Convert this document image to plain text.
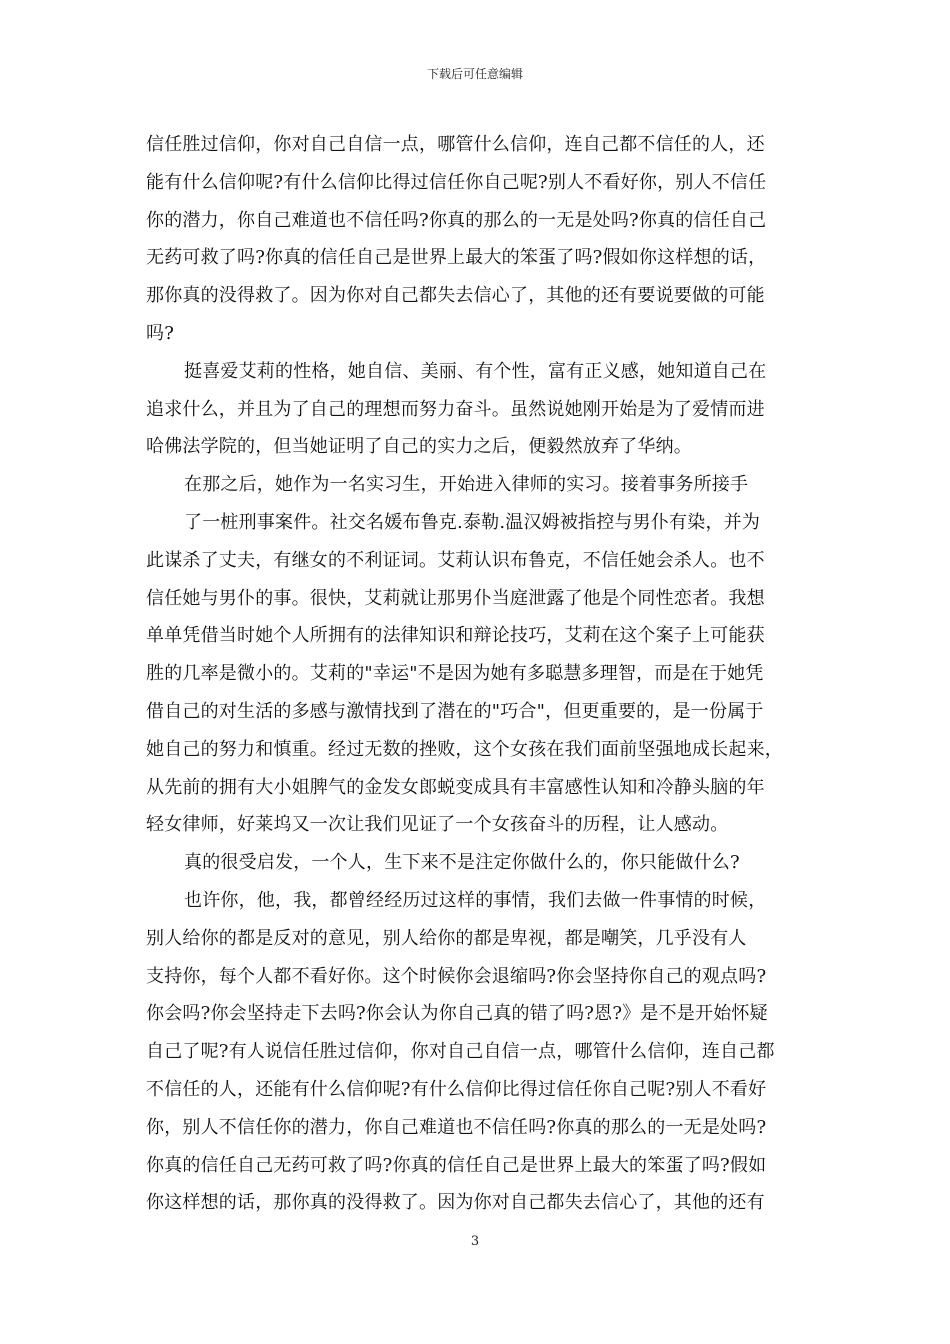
下载后可任意编辑
信任胜过信仰，你对自己自信一点，哪管什么信仰，连自己都不信任的人，还
能有什么信仰呢?有什么信仰比得过信任你自己呢?别人不看好你，别人不信任
你的潜力，你自己难道也不信任吗?你真的那么的一无是处吗?你真的信任自己
无药可救了吗?你真的信任自己是世界上最大的笨蛋了吗?假如你这样想的话，
那你真的没得救了。因为你对自己都失去信心了，其他的还有要说要做的可能
吗?
挺喜爱艾莉的性格，她自信、美丽、有个性，富有正义感，她知道自己在
追求什么，并且为了自己的理想而努力奋斗。虽然说她刚开始是为了爱情而进
哈佛法学院的，但当她证明了自己的实力之后，便毅然放弃了华纳。
在那之后，她作为一名实习生，开始进入律师的实习。接着事务所接手
了一桩刑事案件。社交名媛布鲁克.泰勒.温汉姆被指控与男仆有染，并为
此谋杀了丈夫，有继女的不利证词。艾莉认识布鲁克，不信任她会杀人。也不
信任她与男仆的事。很快，艾莉就让那男仆当庭泄露了他是个同性恋者。我想
单单凭借当时她个人所拥有的法律知识和辩论技巧，艾莉在这个案子上可能获
胜的几率是微小的。艾莉的"幸运"不是因为她有多聪慧多理智，而是在于她凭
借自己的对生活的多感与激情找到了潜在的"巧合"，但更重要的，是一份属于
她自己的努力和慎重。经过无数的挫败，这个女孩在我们面前坚强地成长起来，
从先前的拥有大小姐脾气的金发女郎蜕变成具有丰富感性认知和冷静头脑的年
轻女律师，好莱坞又一次让我们见证了一个女孩奋斗的历程，让人感动。
真的很受启发，一个人，生下来不是注定你做什么的，你只能做什么?
也许你，他，我，都曾经经历过这样的事情，我们去做一件事情的时候，
别人给你的都是反对的意见，别人给你的都是卑视，都是嘲笑，几乎没有人
支持你，每个人都不看好你。这个时候你会退缩吗?你会坚持你自己的观点吗?
你会吗?你会坚持走下去吗?你会认为你自己真的错了吗?恩?》是不是开始怀疑
自己了呢?有人说信任胜过信仰，你对自己自信一点，哪管什么信仰，连自己都
不信任的人，还能有什么信仰呢?有什么信仰比得过信任你自己呢?别人不看好
你，别人不信任你的潜力，你自己难道也不信任吗?你真的那么的一无是处吗?
你真的信任自己无药可救了吗?你真的信任自己是世界上最大的笨蛋了吗?假如
你这样想的话，那你真的没得救了。因为你对自己都失去信心了，其他的还有
3
